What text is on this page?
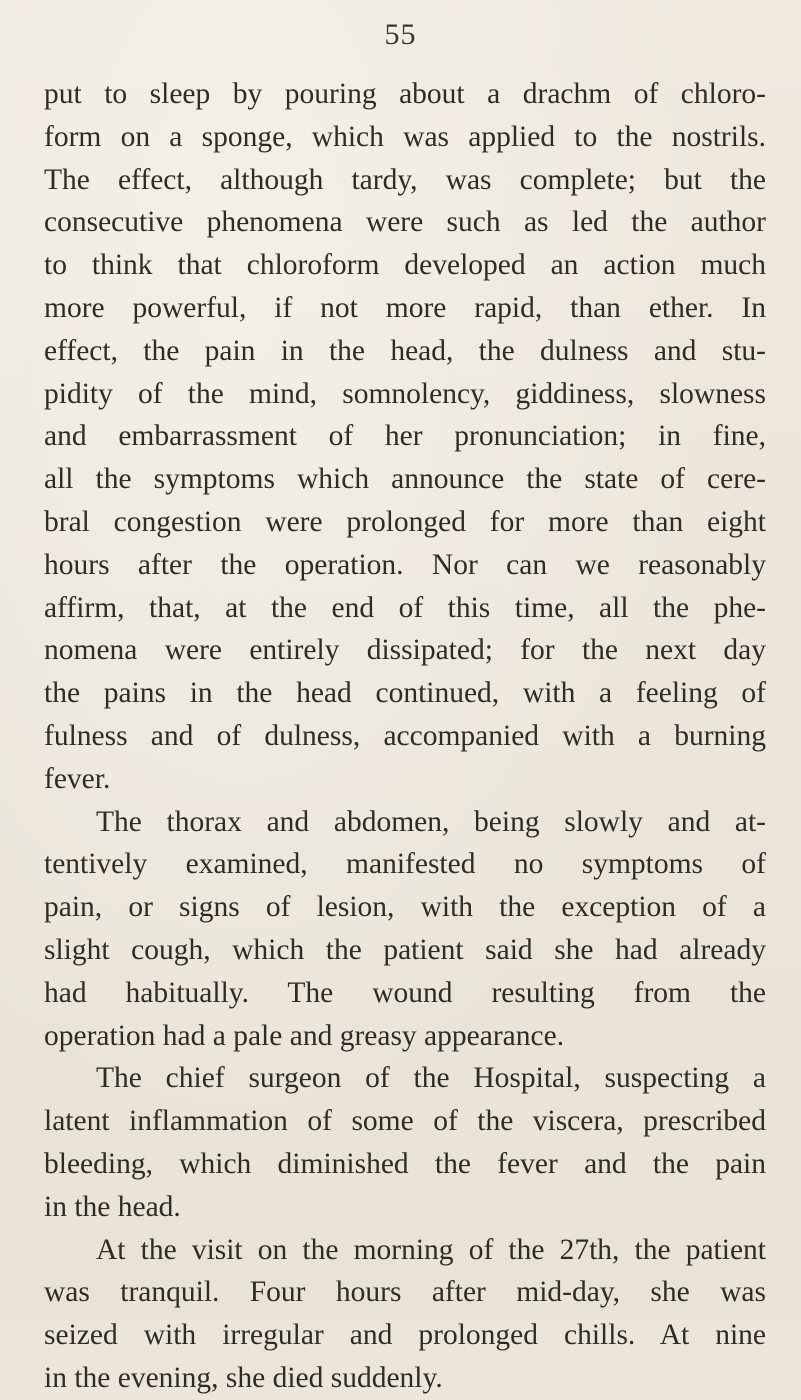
55
put to sleep by pouring about a drachm of chloro-
form on a sponge, which was applied to the nostrils.
The effect, although tardy, was complete; but the
consecutive phenomena were such as led the author
to think that chloroform developed an action much
more powerful, if not more rapid, than ether. In
effect, the pain in the head, the dulness and stu-
pidity of the mind, somnolency, giddiness, slowness
and embarrassment of her pronunciation; in fine,
all the symptoms which announce the state of cere-
bral congestion were prolonged for more than eight
hours after the operation. Nor can we reasonably
affirm, that, at the end of this time, all the phe-
nomena were entirely dissipated; for the next day
the pains in the head continued, with a feeling of
fulness and of dulness, accompanied with a burning
fever.
The thorax and abdomen, being slowly and at-
tentively examined, manifested no symptoms of
pain, or signs of lesion, with the exception of a
slight cough, which the patient said she had already
had habitually. The wound resulting from the
operation had a pale and greasy appearance.
The chief surgeon of the Hospital, suspecting a
latent inflammation of some of the viscera, prescribed
bleeding, which diminished the fever and the pain
in the head.
At the visit on the morning of the 27th, the patient
was tranquil. Four hours after mid-day, she was
seized with irregular and prolonged chills. At nine
in the evening, she died suddenly.
